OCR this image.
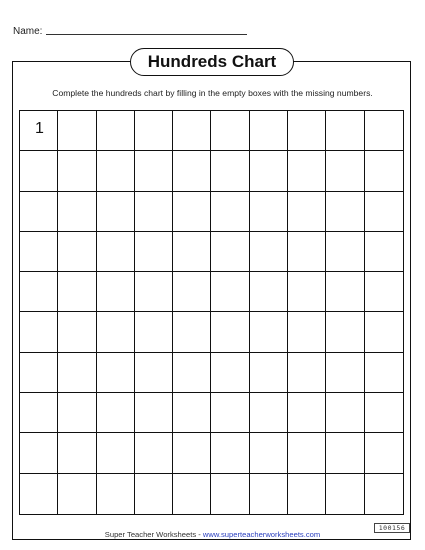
Name:
Hundreds Chart
Complete the hundreds chart by filling in the empty boxes with the missing numbers.
1
Super Teacher Worksheets - www.superteacherworksheets.com
100156
